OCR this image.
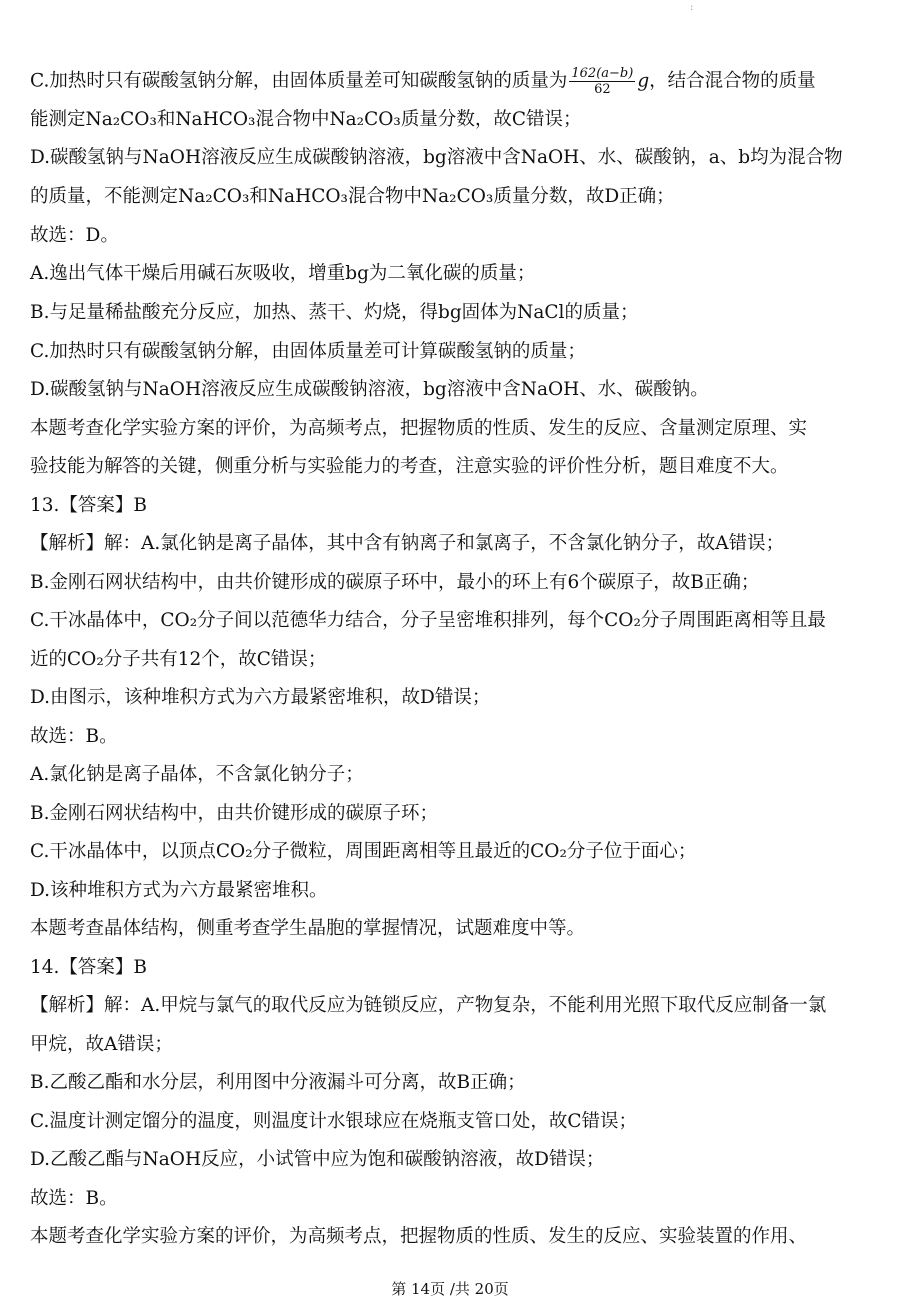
:
C.加热时只有碳酸氢钠分解，由固体质量差可知碳酸氢钠的质量为 $\frac{162(a-b)}{62}$ g，结合混合物的质量
能测定Na₂CO₃和NaHCO₃混合物中Na₂CO₃质量分数，故C错误；
D.碳酸氢钠与NaOH溶液反应生成碳酸钠溶液，bg溶液中含NaOH、水、碳酸钠，a、b均为混合物
的质量，不能测定Na₂CO₃和NaHCO₃混合物中Na₂CO₃质量分数，故D正确；
故选：D。
A.逸出气体干燥后用碱石灰吸收，增重bg为二氧化碳的质量；
B.与足量稀盐酸充分反应，加热、蒸干、灼烧，得bg固体为NaCl的质量；
C.加热时只有碳酸氢钠分解，由固体质量差可计算碳酸氢钠的质量；
D.碳酸氢钠与NaOH溶液反应生成碳酸钠溶液，bg溶液中含NaOH、水、碳酸钠。
本题考查化学实验方案的评价，为高频考点，把握物质的性质、发生的反应、含量测定原理、实
验技能为解答的关键，侧重分析与实验能力的考查，注意实验的评价性分析，题目难度不大。
13.【答案】B
【解析】解：A.氯化钠是离子晶体，其中含有钠离子和氯离子，不含氯化钠分子，故A错误；
B.金刚石网状结构中，由共价键形成的碳原子环中，最小的环上有6个碳原子，故B正确；
C.干冰晶体中，CO₂分子间以范德华力结合，分子呈密堆积排列，每个CO₂分子周围距离相等且最
近的CO₂分子共有12个，故C错误；
D.由图示，该种堆积方式为六方最紧密堆积，故D错误；
故选：B。
A.氯化钠是离子晶体，不含氯化钠分子；
B.金刚石网状结构中，由共价键形成的碳原子环；
C.干冰晶体中，以顶点CO₂分子微粒，周围距离相等且最近的CO₂分子位于面心；
D.该种堆积方式为六方最紧密堆积。
本题考查晶体结构，侧重考查学生晶胞的掌握情况，试题难度中等。
14.【答案】B
【解析】解：A.甲烷与氯气的取代反应为链锁反应，产物复杂，不能利用光照下取代反应制备一氯
甲烷，故A错误；
B.乙酸乙酯和水分层，利用图中分液漏斗可分离，故B正确；
C.温度计测定馏分的温度，则温度计水银球应在烧瓶支管口处，故C错误；
D.乙酸乙酯与NaOH反应，小试管中应为饱和碳酸钠溶液，故D错误；
故选：B。
本题考查化学实验方案的评价，为高频考点，把握物质的性质、发生的反应、实验装置的作用、
第 14页 /共 20页
